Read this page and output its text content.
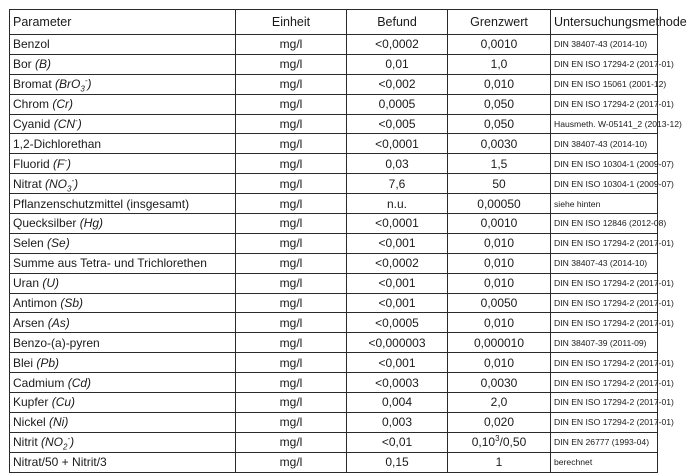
Parameter	Einheit	Befund	Grenzwert	Untersuchungsmethode
Benzol	mg/l	<0,0002	0,0010	DIN 38407-43 (2014-10)
Bor (B)	mg/l	0,01	1,0	DIN EN ISO 17294-2 (2017-01)
Bromat (BrO$_3$-)	mg/l	<0,002	0,010	DIN EN ISO 15061 (2001-12)
Chrom (Cr)	mg/l	0,0005	0,050	DIN EN ISO 17294-2 (2017-01)
Cyanid (CN-)	mg/l	<0,005	0,050	Hausmeth. W-05141_2 (2013-12)
1,2-Dichlorethan	mg/l	<0,0001	0,0030	DIN 38407-43 (2014-10)
Fluorid (F-)	mg/l	0,03	1,5	DIN EN ISO 10304-1 (2009-07)
Nitrat $(NO_3^-)$	mg/l	7,6	50	DIN EN ISO 10304-1 (2009-07)
Pflanzenschutzmittel (insgesamt)	mg/l	n.u.	0,00050	siehe hinten
Quecksilber (Hg)	mg/l	<0,0001	0,0010	DIN EN ISO 12846 (2012-08)
Selen (Se)	mg/l	<0,001	0,010	DIN EN ISO 17294-2 (2017-01)
Summe aus Tetra- und Trichlorethen	mg/l	<0,0002	0,010	DIN 38407-43 (2014-10)
Uran (U)	mg/l	<0,001	0,010	DIN EN ISO 17294-2 (2017-01)
Antimon (Sb)	mg/l	<0,001	0,0050	DIN EN ISO 17294-2 (2017-01)
Arsen (As)	mg/l	<0,0005	0,010	DIN EN ISO 17294-2 (2017-01)
Benzo-(a)-pyren	mg/l	<0,000003	0,000010	DIN 38407-39 (2011-09)
Blei (Pb)	mg/l	<0,001	0,010	DIN EN ISO 17294-2 (2017-01)
Cadmium (Cd)	mg/l	<0,0003	0,0030	DIN EN ISO 17294-2 (2017-01)
Kupfer (Cu)	mg/l	0,004	2,0	DIN EN ISO 17294-2 (2017-01)
Nickel (Ni)	mg/l	0,003	0,020	DIN EN ISO 17294-2 (2017-01)
Nitrit $(NO_2^-)$	mg/l	<0,01	0,10$^3$/0,50	DIN EN 26777 (1993-04)
Nitrat/50 + Nitrit/3	mg/l	0,15	1	berechnet
